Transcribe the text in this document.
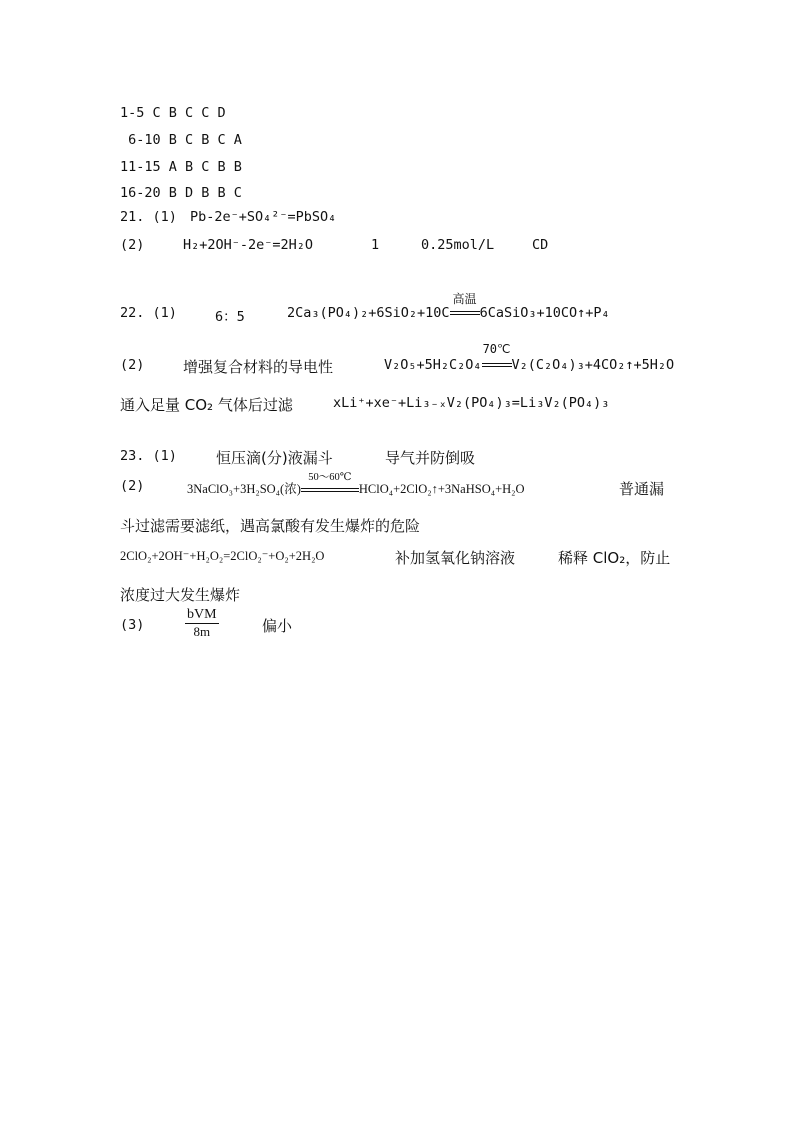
1-5 C B C C D
6-10 B C B C A
11-15 A B C B B
16-20 B D B B C
21. (1) Pb-2e⁻+SO₄²⁻=PbSO₄
(2)	H₂+2OH⁻-2e⁻=2H₂O	1	0.25mol/L	CD
22. (1)	6：5	2Ca₃(PO₄)₂+6SiO₂+10C
高温
6CaSiO₃+10CO↑+P₄
(2)	增强复合材料的导电性	V₂O₅+5H₂C₂O₄
70℃
V₂(C₂O₄)₃+4CO₂↑+5H₂O
通入足量 CO₂ 气体后过滤	xLi⁺+xe⁻+Li₃₋ₓV₂(PO₄)₃=Li₃V₂(PO₄)₃
23. (1)	恒压滴(分)液漏斗	导气并防倒吸
(2)	3NaClO₃+3H₂SO₄(浓)
50～60℃
HClO₄+2ClO₂↑+3NaHSO₄+H₂O	普通漏
斗过滤需要滤纸，遇高氯酸有发生爆炸的危险
2ClO₂+2OH⁻+H₂O₂=2ClO₂⁻+O₂+2H₂O	补加氢氧化钠溶液	稀释 ClO₂，防止
浓度过大发生爆炸
(3)	$\frac{\text{bVM}}{8m}$	偏小
